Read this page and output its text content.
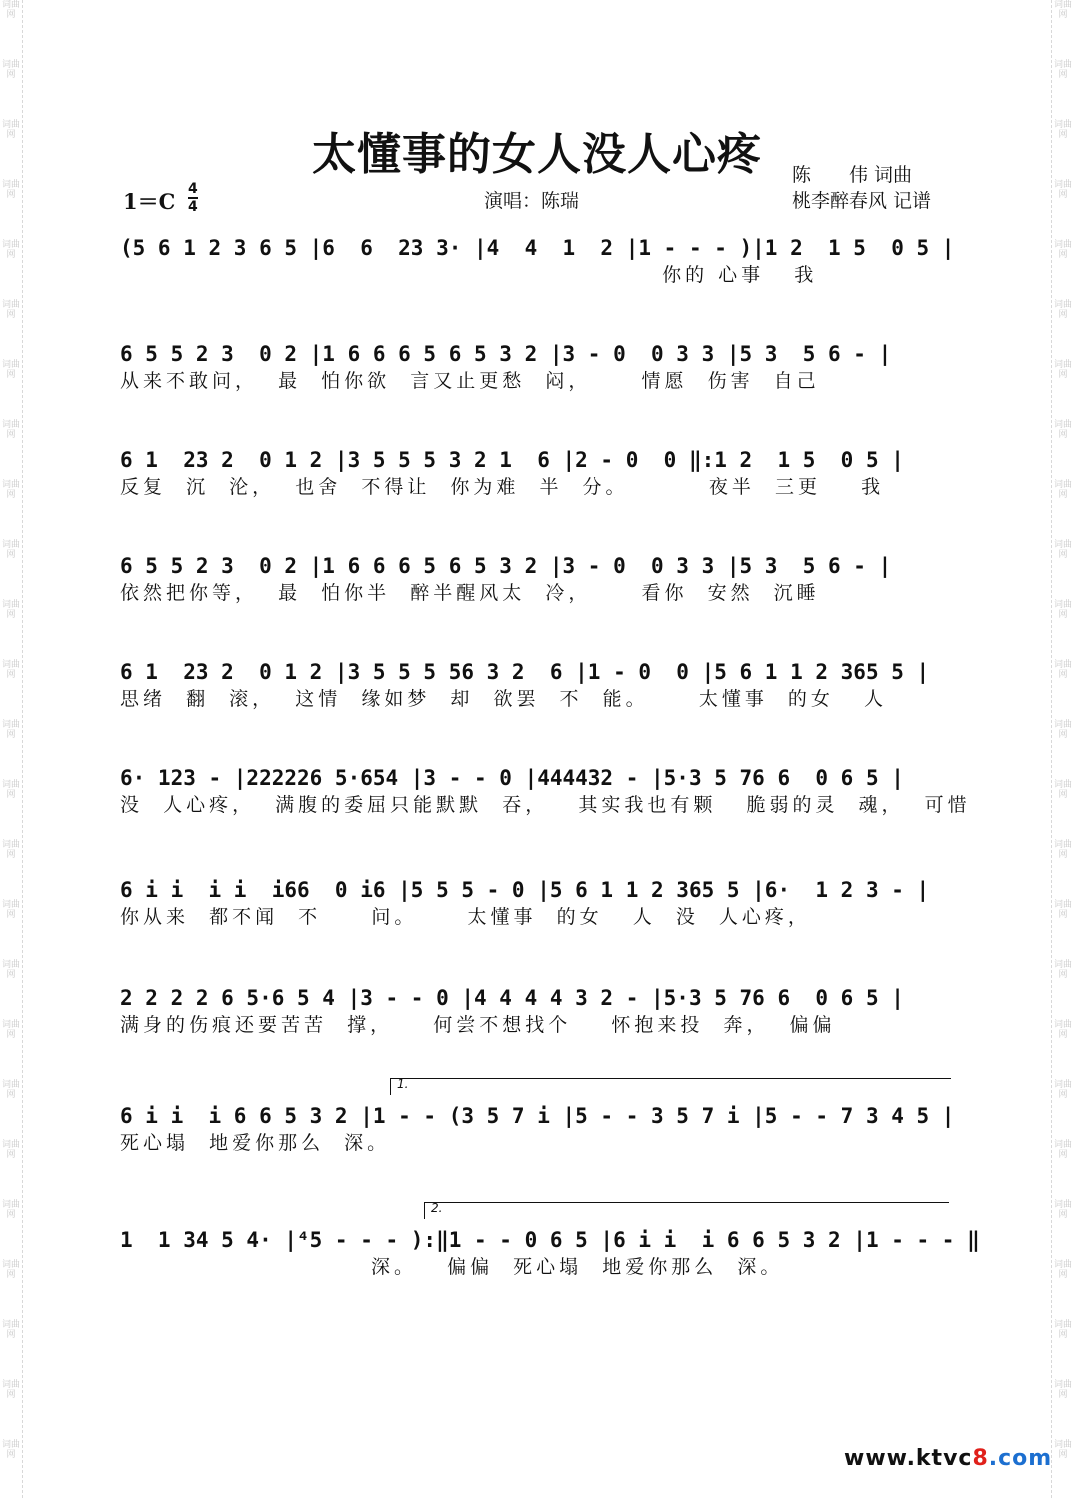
词曲网
词曲网
词曲网
词曲网
词曲网
词曲网
词曲网
词曲网
词曲网
词曲网
词曲网
词曲网
词曲网
词曲网
词曲网
词曲网
词曲网
词曲网
词曲网
词曲网
词曲网
词曲网
词曲网
词曲网
词曲网
词曲网
词曲网
词曲网
词曲网
词曲网
词曲网
词曲网
词曲网
词曲网
词曲网
词曲网
词曲网
词曲网
词曲网
词曲网
词曲网
词曲网
词曲网
词曲网
词曲网
词曲网
词曲网
词曲网
词曲网
词曲网
太懂事的女人没人心疼	陈　　伟 词曲
桃李醉春风 记谱
演唱：陈瑞
1＝C 4
4
(5 6 1 2 3 6 5 |6  6  23 3· |4  4  1  2 |1 - - - )|1 2  1 5  0 5 |
你的 心事   我
6 5 5 2 3  0 2 |1 6 6 6 5 6 5 3 2 |3 - 0  0 3 3 |5 3  5 6 - |
从来不敢问，  最  怕你欲  言又止更愁  闷，     情愿  伤害  自己
6 1  23 2  0 1 2 |3 5 5 5 3 2 1  6 |2 - 0  0 ‖:1 2  1 5  0 5 |
反复  沉  沦，  也舍  不得让  你为难  半  分。        夜半  三更    我
6 5 5 2 3  0 2 |1 6 6 6 5 6 5 3 2 |3 - 0  0 3 3 |5 3  5 6 - |
依然把你等，  最  怕你半  醉半醒风太  冷，     看你  安然  沉睡
6 1  23 2  0 1 2 |3 5 5 5 56 3 2  6 |1 - 0  0 |5 6 1 1 2 365 5 |
思绪  翻  滚，  这情  缘如梦  却  欲罢  不  能。     太懂事  的女   人
6· 123 - |222226 5·654 |3 - - 0 |444432 - |5·3 5 76 6  0 6 5 |
没  人心疼，  满腹的委屈只能默默  吞，   其实我也有颗   脆弱的灵  魂，  可惜
6 i i  i i  i66  0 i6 |5 5 5 - 0 |5 6 1 1 2 365 5 |6·  1 2 3 - |
你从来  都不闻  不     问。     太懂事  的女   人  没  人心疼，
2 2 2 2 6 5·6 5 4 |3 - - 0 |4 4 4 4 3 2 - |5·3 5 76 6  0 6 5 |
满身的伤痕还要苦苦  撑，    何尝不想找个    怀抱来投  奔，  偏偏
6 i i  i 6 6 5 3 2 |1 - - (3 5 7 i |5 - - 3 5 7 i |5 - - 7 3 4 5 |
死心塌  地爱你那么  深。
1  1 34 5 4· |⁴5 - - - ):‖1 - - 0 6 5 |6 i i  i 6 6 5 3 2 |1 - - - ‖
深。   偏偏  死心塌  地爱你那么  深。
1.
2.
www.ktvc8.com
